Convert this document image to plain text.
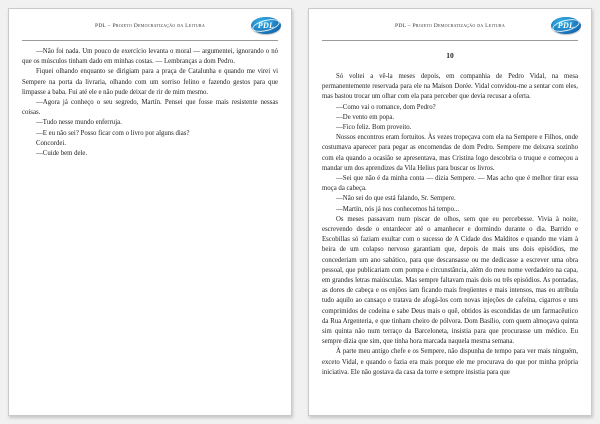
PDL – Projeto Democratização da Leitura	PDL

—Não foi nada. Um pouco de exercício levanta o moral — argumentei, ignorando o nó que os músculos tinham dado em minhas costas. — Lembranças a dom Pedro.

Fiquei olhando enquanto se dirigiam para a praça de Catalunha e quando me virei vi Sempere na porta da livraria, olhando com um sorriso felino e fazendo gestos para que limpasse a baba. Fui até ele e não pude deixar de rir de mim mesmo.

—Agora já conheço o seu segredo, Martín. Pensei que fosse mais resistente nessas coisas.

—Tudo nesse mundo enferruja.

—E eu não sei? Posso ficar com o livro por alguns dias?

Concordei.

—Cuide bem dele.

PDL – Projeto Democratização da Leitura	PDL
10

Só voltei a vê-la meses depois, em companhia de Pedro Vidal, na mesa permanentemente reservada para ele na Maison Dorée. Vidal convidou-me a sentar com eles, mas bastou trocar um olhar com ela para perceber que devia recusar a oferta.

—Como vai o romance, dom Pedro?

—De vento em popa.

—Fico feliz. Bom proveito.

Nossos encontros eram fortuitos. Às vezes tropeçava com ela na Sempere e Filhos, onde costumava aparecer para pegar as encomendas de dom Pedro. Sempere me deixava sozinho com ela quando a ocasião se apresentava, mas Cristina logo descobria o truque e começou a mandar um dos aprendizes da Vila Helius para buscar os livros.

—Sei que não é da minha conta — dizia Sempere. — Mas acho que é melhor tirar essa moça da cabeça.

—Não sei do que está falando, Sr. Sempere.

—Martín, nós já nos conhecemos há tempo...

Os meses passavam num piscar de olhos, sem que eu percebesse. Vivia à noite, escrevendo desde o entardecer até o amanhecer e dormindo durante o dia. Barrido e Escobillas só faziam exultar com o sucesso de A Cidade dos Malditos e quando me viam à beira de um colapso nervoso garantiam que, depois de mais uns dois episódios, me concederiam um ano sabático, para que descansasse ou me dedicasse a escrever uma obra pessoal, que publicariam com pompa e circunstância, além do meu nome verdadeiro na capa, em grandes letras maiúsculas. Mas sempre faltavam mais dois ou três episódios. As pontadas, as dores de cabeça e os enjôos iam ficando mais freqüentes e mais intensos, mas eu atribuía tudo aquilo ao cansaço e tratava de afogá-los com novas injeções de cafeína, cigarros e uns comprimidos de codeína e sabe Deus mais o quê, obtidos às escondidas de um farmacêutico da Rua Argenteria, e que tinham cheiro de pólvora. Dom Basílio, com quem almoçava quinta sim quinta não num terraço da Barceloneta, insistia para que procurasse um médico. Eu sempre dizia que sim, que tinha hora marcada naquela mesma semana.

À parte meu antigo chefe e os Sempere, não dispunha de tempo para ver mais ninguém, exceto Vidal, e quando o fazia era mais porque ele me procurava do que por minha própria iniciativa. Ele não gostava da casa da torre e sempre insistia para que
